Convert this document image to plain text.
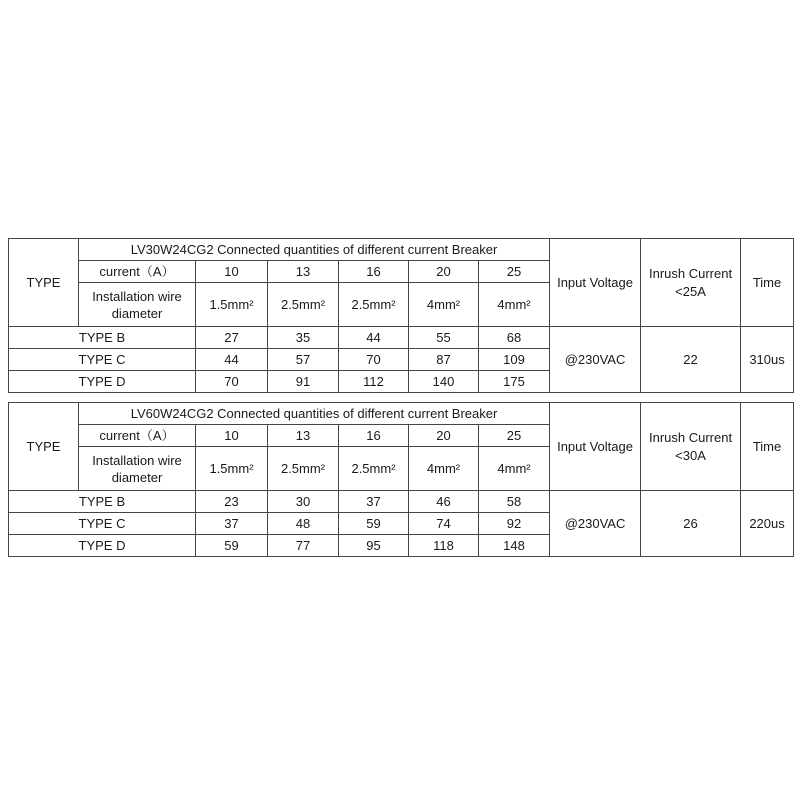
TYPE	LV30W24CG2 Connected quantities of different current Breaker						Input Voltage	Inrush Current <25A	Time
	current（A）	10	13	16	20	25			
	Installation wire diameter	1.5mm²	2.5mm²	2.5mm²	4mm²	4mm²			
TYPE B		27	35	44	55	68	@230VAC	22	310us
TYPE C		44	57	70	87	109			
TYPE D		70	91	112	140	175			
TYPE	LV60W24CG2 Connected quantities of different current Breaker						Input Voltage	Inrush Current <30A	Time
	current（A）	10	13	16	20	25			
	Installation wire diameter	1.5mm²	2.5mm²	2.5mm²	4mm²	4mm²			
TYPE B		23	30	37	46	58	@230VAC	26	220us
TYPE C		37	48	59	74	92			
TYPE D		59	77	95	118	148			
